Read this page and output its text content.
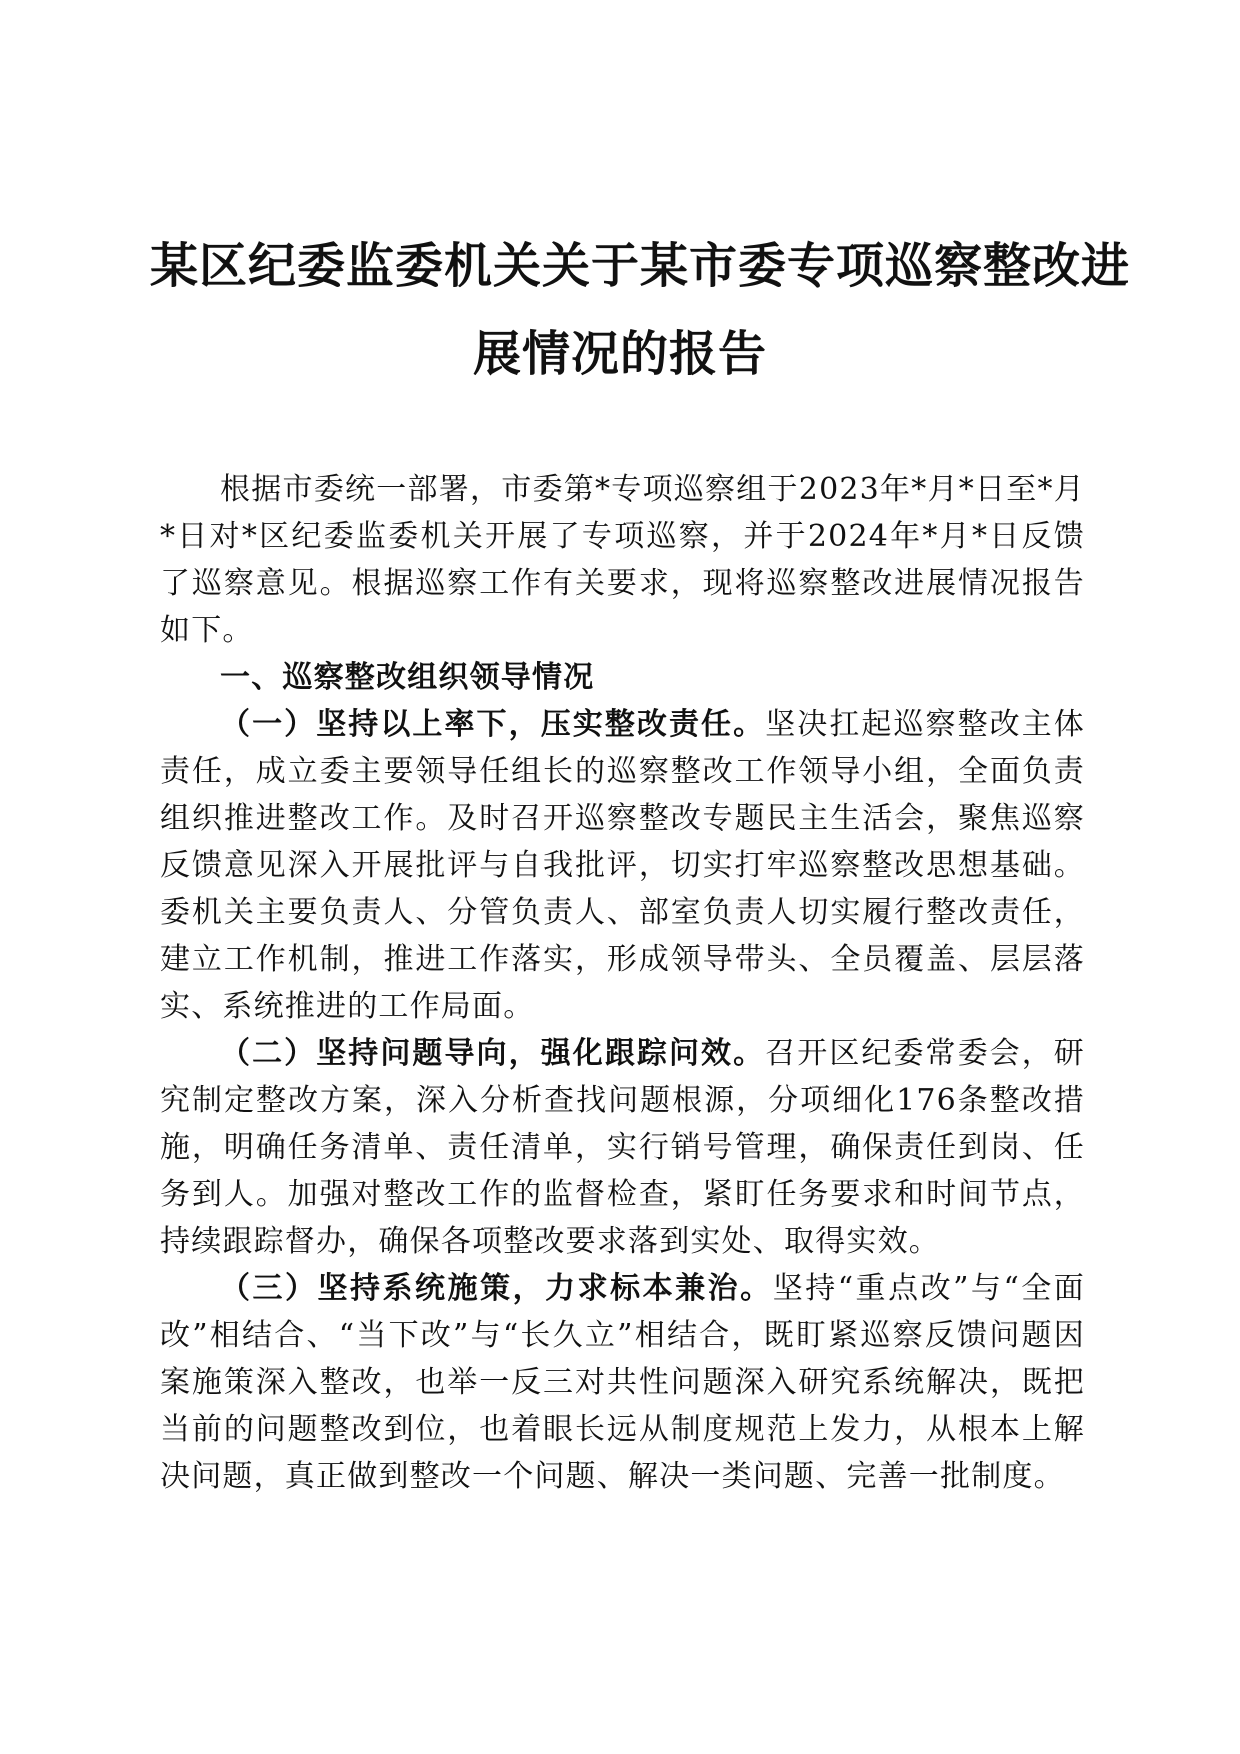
某区纪委监委机关关于某市委专项巡察整改进
展情况的报告

根据市委统一部署，市委第*专项巡察组于2023年*月*日至*月*日对*区纪委监委机关开展了专项巡察，并于2024年*月*日反馈了巡察意见。根据巡察工作有关要求，现将巡察整改进展情况报告如下。

一、巡察整改组织领导情况

（一）坚持以上率下，压实整改责任。坚决扛起巡察整改主体责任，成立委主要领导任组长的巡察整改工作领导小组，全面负责组织推进整改工作。及时召开巡察整改专题民主生活会，聚焦巡察反馈意见深入开展批评与自我批评，切实打牢巡察整改思想基础。委机关主要负责人、分管负责人、部室负责人切实履行整改责任，建立工作机制，推进工作落实，形成领导带头、全员覆盖、层层落实、系统推进的工作局面。

（二）坚持问题导向，强化跟踪问效。召开区纪委常委会，研究制定整改方案，深入分析查找问题根源，分项细化176条整改措施，明确任务清单、责任清单，实行销号管理，确保责任到岗、任务到人。加强对整改工作的监督检查，紧盯任务要求和时间节点，持续跟踪督办，确保各项整改要求落到实处、取得实效。

（三）坚持系统施策，力求标本兼治。坚持“重点改”与“全面改”相结合、“当下改”与“长久立”相结合，既盯紧巡察反馈问题因案施策深入整改，也举一反三对共性问题深入研究系统解决，既把当前的问题整改到位，也着眼长远从制度规范上发力，从根本上解决问题，真正做到整改一个问题、解决一类问题、完善一批制度。
